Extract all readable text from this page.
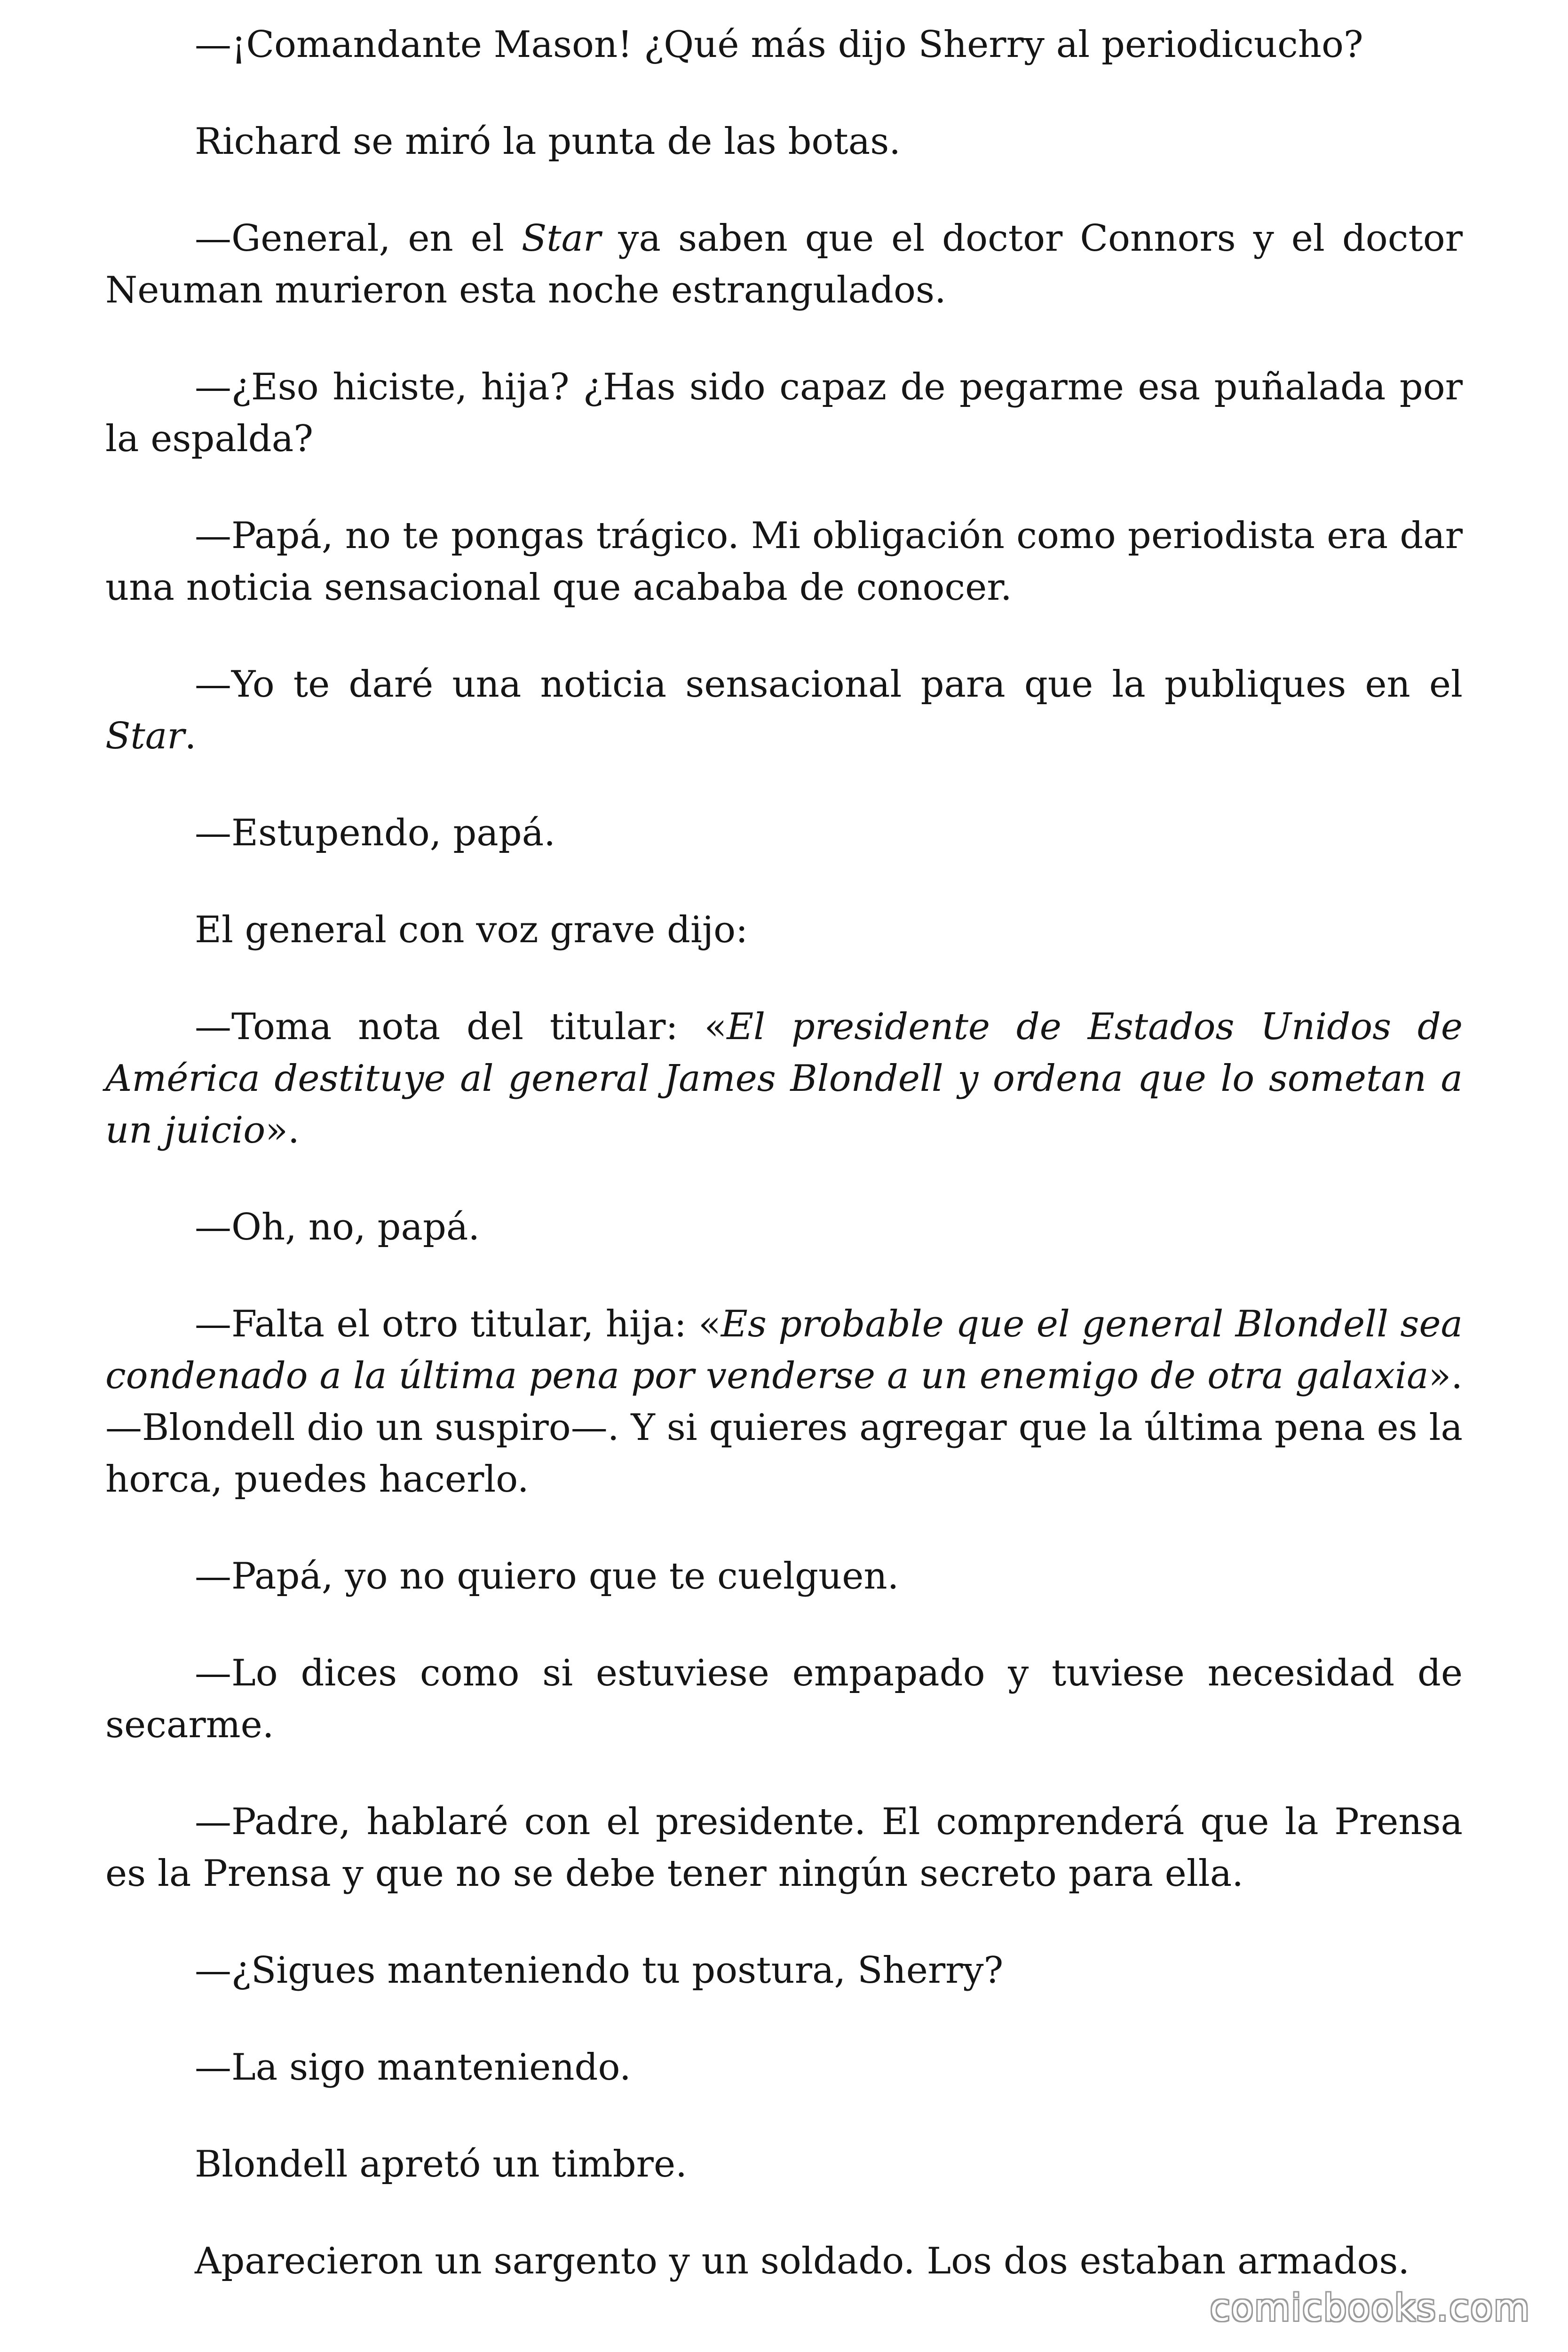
—¡Comandante Mason! ¿Qué más dijo Sherry al periodicucho?

Richard se miró la punta de las botas.

—General, en el Star ya saben que el doctor Connors y el doctor Neuman murieron esta noche estrangulados.

—¿Eso hiciste, hija? ¿Has sido capaz de pegarme esa puñalada por la espalda?

—Papá, no te pongas trágico. Mi obligación como periodista era dar una noticia sensacional que acababa de conocer.

—Yo te daré una noticia sensacional para que la publiques en el Star.

—Estupendo, papá.

El general con voz grave dijo:

—Toma nota del titular: «El presidente de Estados Unidos de América destituye al general James Blondell y ordena que lo sometan a un juicio».

—Oh, no, papá.

—Falta el otro titular, hija: «Es probable que el general Blondell sea condenado a la última pena por venderse a un enemigo de otra galaxia». —Blondell dio un suspiro—. Y si quieres agregar que la última pena es la horca, puedes hacerlo.

—Papá, yo no quiero que te cuelguen.

—Lo dices como si estuviese empapado y tuviese necesidad de secarme.

—Padre, hablaré con el presidente. El comprenderá que la Prensa es la Prensa y que no se debe tener ningún secreto para ella.

—¿Sigues manteniendo tu postura, Sherry?

—La sigo manteniendo.

Blondell apretó un timbre.

Aparecieron un sargento y un soldado. Los dos estaban armados.

comicbooks.com
